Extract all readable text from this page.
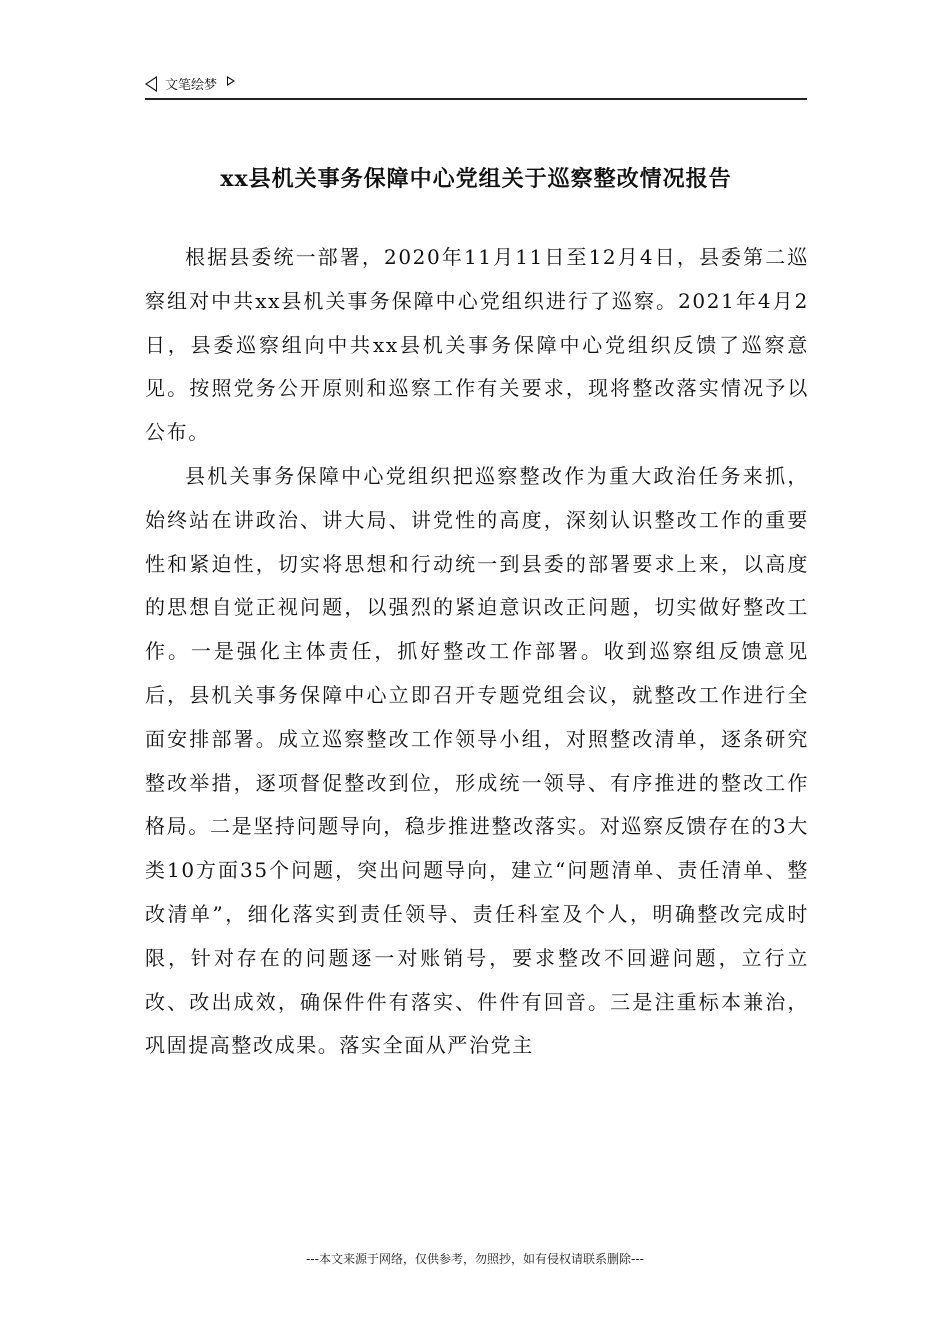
文笔绘梦
xx县机关事务保障中心党组关于巡察整改情况报告

根据县委统一部署，2020年11月11日至12月4日，县委第二巡察组对中共xx县机关事务保障中心党组织进行了巡察。2021年4月2日，县委巡察组向中共xx县机关事务保障中心党组织反馈了巡察意见。按照党务公开原则和巡察工作有关要求，现将整改落实情况予以公布。

县机关事务保障中心党组织把巡察整改作为重大政治任务来抓，始终站在讲政治、讲大局、讲党性的高度，深刻认识整改工作的重要性和紧迫性，切实将思想和行动统一到县委的部署要求上来，以高度的思想自觉正视问题，以强烈的紧迫意识改正问题，切实做好整改工作。一是强化主体责任，抓好整改工作部署。收到巡察组反馈意见后，县机关事务保障中心立即召开专题党组会议，就整改工作进行全面安排部署。成立巡察整改工作领导小组，对照整改清单，逐条研究整改举措，逐项督促整改到位，形成统一领导、有序推进的整改工作格局。二是坚持问题导向，稳步推进整改落实。对巡察反馈存在的3大类10方面35个问题，突出问题导向，建立“问题清单、责任清单、整改清单”，细化落实到责任领导、责任科室及个人，明确整改完成时限，针对存在的问题逐一对账销号，要求整改不回避问题，立行立改、改出成效，确保件件有落实、件件有回音。三是注重标本兼治，巩固提高整改成果。落实全面从严治党主

---本文来源于网络，仅供参考，勿照抄，如有侵权请联系删除---
